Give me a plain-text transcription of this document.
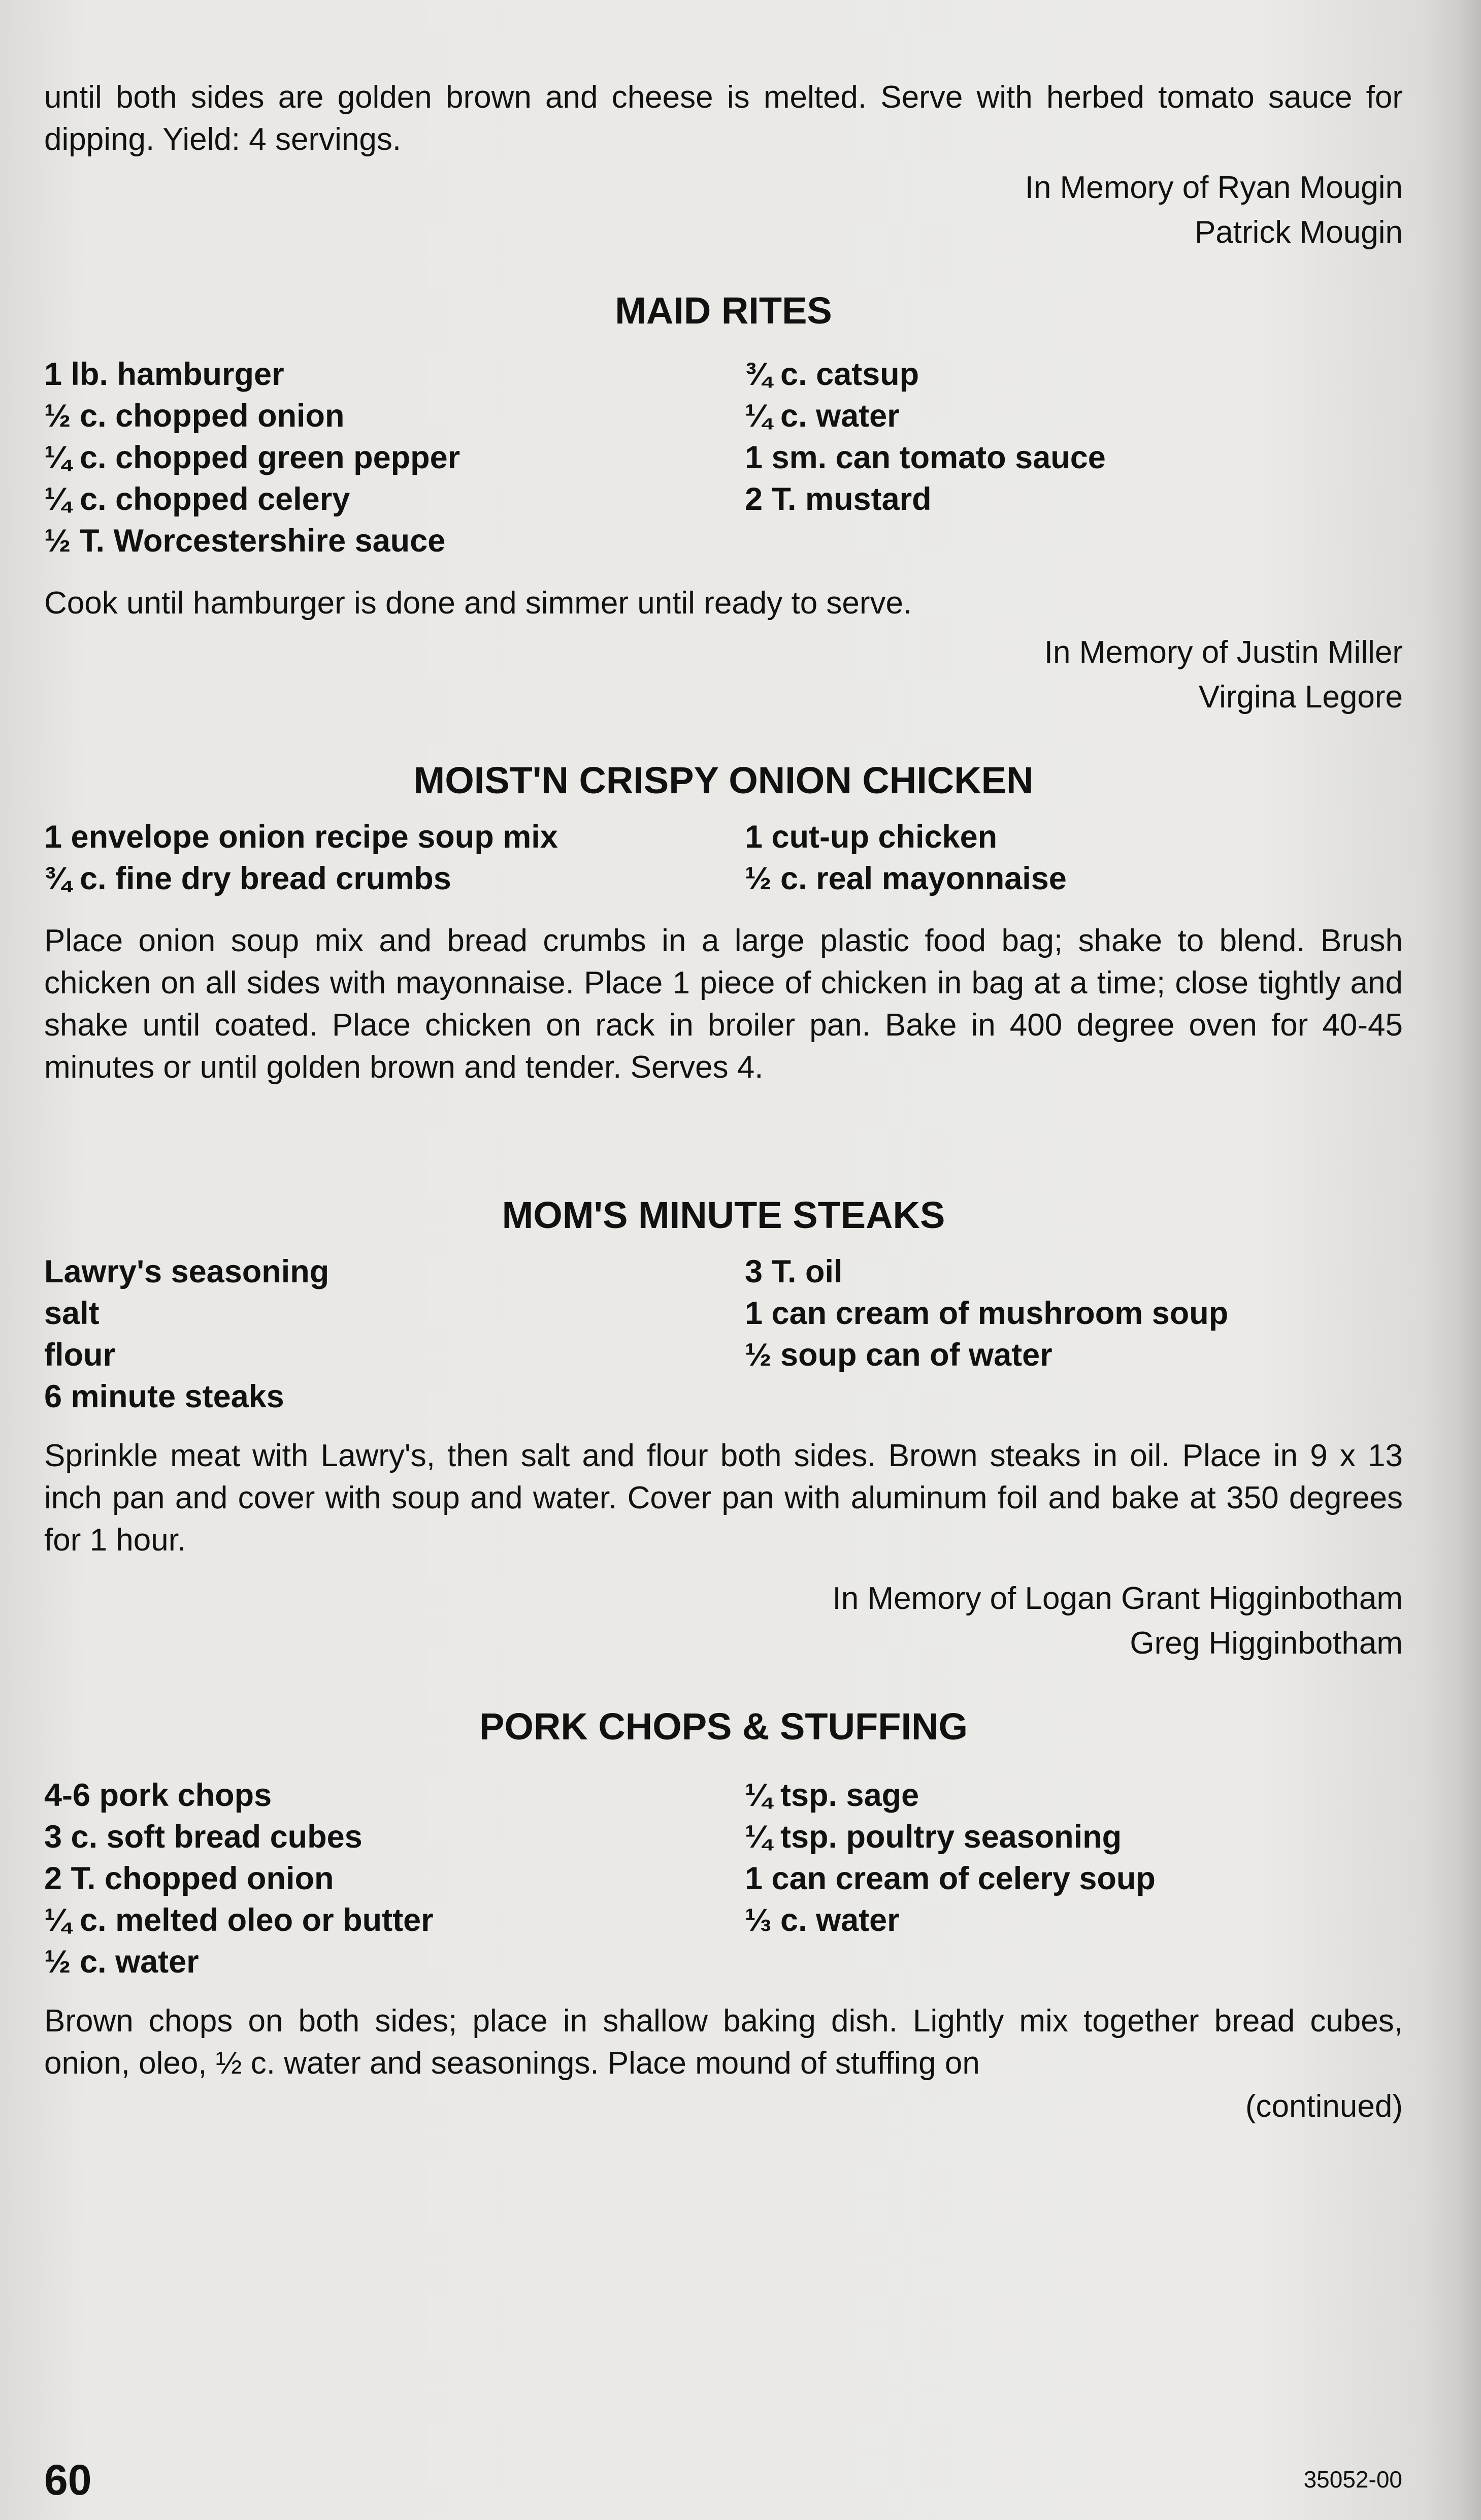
until both sides are golden brown and cheese is melted. Serve with herbed tomato sauce for dipping. Yield: 4 servings.

In Memory of Ryan Mougin

Patrick Mougin

MAID RITES
1 lb. hamburger
½ c. chopped onion
¼ c. chopped green pepper
¼ c. chopped celery
½ T. Worcestershire sauce
¾ c. catsup
¼ c. water
1 sm. can tomato sauce
2 T. mustard

Cook until hamburger is done and simmer until ready to serve.

In Memory of Justin Miller

Virgina Legore

MOIST'N CRISPY ONION CHICKEN
1 envelope onion recipe soup mix
¾ c. fine dry bread crumbs
1 cut-up chicken
½ c. real mayonnaise

Place onion soup mix and bread crumbs in a large plastic food bag; shake to blend. Brush chicken on all sides with mayonnaise. Place 1 piece of chicken in bag at a time; close tightly and shake until coated. Place chicken on rack in broiler pan. Bake in 400 degree oven for 40-45 minutes or until golden brown and tender. Serves 4.

MOM'S MINUTE STEAKS
Lawry's seasoning
salt
flour
6 minute steaks
3 T. oil
1 can cream of mushroom soup
½ soup can of water

Sprinkle meat with Lawry's, then salt and flour both sides. Brown steaks in oil. Place in 9 x 13 inch pan and cover with soup and water. Cover pan with aluminum foil and bake at 350 degrees for 1 hour.

In Memory of Logan Grant Higginbotham

Greg Higginbotham

PORK CHOPS & STUFFING
4-6 pork chops
3 c. soft bread cubes
2 T. chopped onion
¼ c. melted oleo or butter
½ c. water
¼ tsp. sage
¼ tsp. poultry seasoning
1 can cream of celery soup
⅓ c. water

Brown chops on both sides; place in shallow baking dish. Lightly mix together bread cubes, onion, oleo, ½ c. water and seasonings. Place mound of stuffing on

(continued)

60	35052-00
